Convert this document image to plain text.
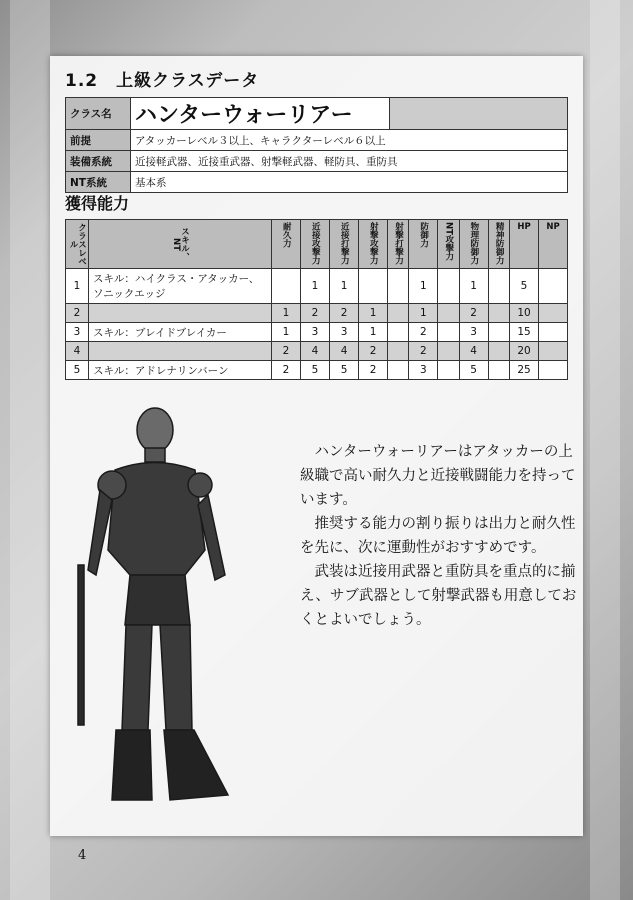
1.2　 上級クラスデータ
クラス名	ハンターウォーリアー	
前提	アタッカーレベル３以上、キャラクターレベル６以上	
装備系統	近接軽武器、近接重武器、射撃軽武器、軽防具、重防具	
NT系統	基本系	
獲得能力
クラスレベル	スキル、NT	耐久力	近接攻撃力	近接打撃力	射撃攻撃力	射撃打撃力	防御力	NT攻撃力	物理防御力	精神防御力	HP	NP
1	スキル：ハイクラス・アタッカー、ソニックエッジ		1	1			1		1		5	
2		1	2	2	1		1		2		10	
3	スキル：ブレイドブレイカー	1	3	3	1		2		3		15	
4		2	4	4	2		2		4		20	
5	スキル：アドレナリンバーン	2	5	5	2		3		5		25	

ハンターウォーリアーはアタッカーの上級職で高い耐久力と近接戦闘能力を持っています。

推奨する能力の割り振りは出力と耐久性を先に、次に運動性がおすすめです。

武装は近接用武器と重防具を重点的に揃え、サブ武器として射撃武器も用意しておくとよいでしょう。

4
